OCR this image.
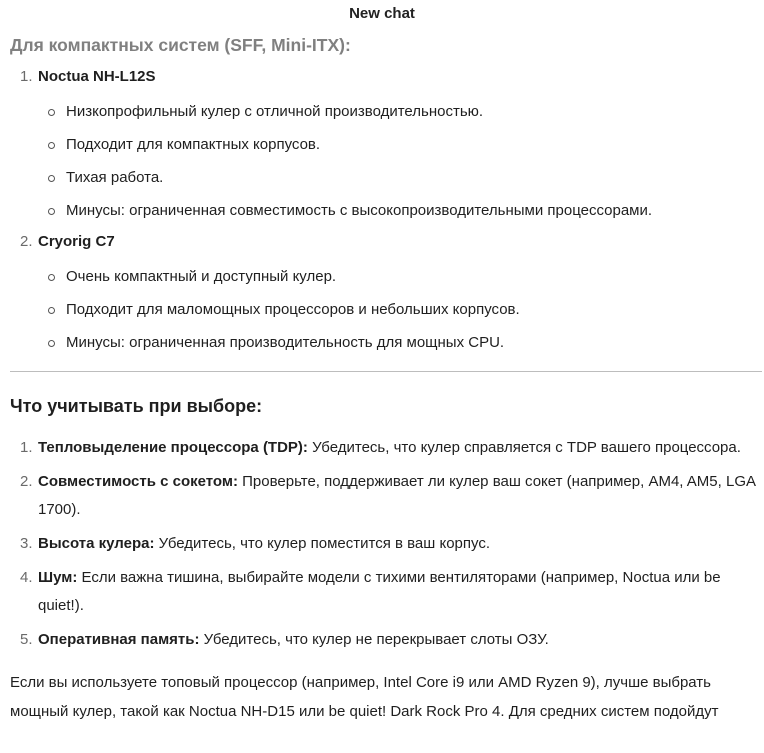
New chat
Для компактных систем (SFF, Mini-ITX):
1. Noctua NH-L12S
Низкопрофильный кулер с отличной производительностью.
Подходит для компактных корпусов.
Тихая работа.
Минусы: ограниченная совместимость с высокопроизводительными процессорами.
2. Cryorig C7
Очень компактный и доступный кулер.
Подходит для маломощных процессоров и небольших корпусов.
Минусы: ограниченная производительность для мощных CPU.
Что учитывать при выборе:
1. Тепловыделение процессора (TDP): Убедитесь, что кулер справляется с TDP вашего процессора.
2. Совместимость с сокетом: Проверьте, поддерживает ли кулер ваш сокет (например, AM4, AM5, LGA 1700).
3. Высота кулера: Убедитесь, что кулер поместится в ваш корпус.
4. Шум: Если важна тишина, выбирайте модели с тихими вентиляторами (например, Noctua или be quiet!).
5. Оперативная память: Убедитесь, что кулер не перекрывает слоты ОЗУ.

Если вы используете топовый процессор (например, Intel Core i9 или AMD Ryzen 9), лучше выбрать мощный кулер, такой как Noctua NH-D15 или be quiet! Dark Rock Pro 4. Для средних систем подойдут
